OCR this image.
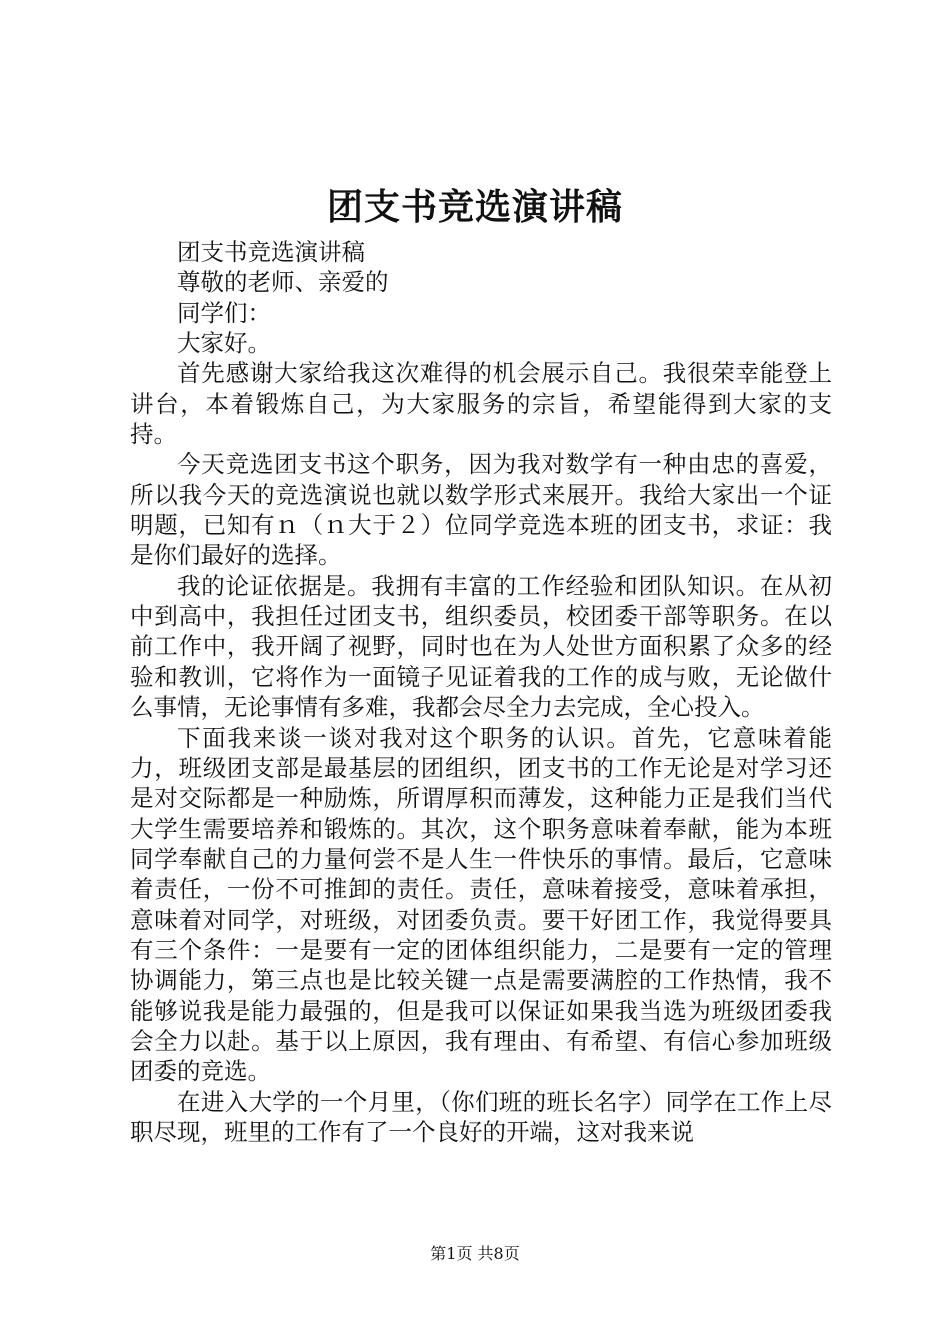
团支书竞选演讲稿

团支书竞选演讲稿

尊敬的老师、亲爱的

同学们：

大家好。

首先感谢大家给我这次难得的机会展示自己。我很荣幸能登上讲台，本着锻炼自己，为大家服务的宗旨，希望能得到大家的支持。

今天竞选团支书这个职务，因为我对数学有一种由忠的喜爱，所以我今天的竞选演说也就以数学形式来展开。我给大家出一个证明题，已知有ｎ（ｎ大于２）位同学竞选本班的团支书，求证：我是你们最好的选择。

我的论证依据是。我拥有丰富的工作经验和团队知识。在从初中到高中，我担任过团支书，组织委员，校团委干部等职务。在以前工作中，我开阔了视野，同时也在为人处世方面积累了众多的经验和教训，它将作为一面镜子见证着我的工作的成与败，无论做什么事情，无论事情有多难，我都会尽全力去完成，全心投入。

下面我来谈一谈对我对这个职务的认识。首先，它意味着能力，班级团支部是最基层的团组织，团支书的工作无论是对学习还是对交际都是一种励炼，所谓厚积而薄发，这种能力正是我们当代大学生需要培养和锻炼的。其次，这个职务意味着奉献，能为本班同学奉献自己的力量何尝不是人生一件快乐的事情。最后，它意味着责任，一份不可推卸的责任。责任，意味着接受，意味着承担，意味着对同学，对班级，对团委负责。要干好团工作，我觉得要具有三个条件：一是要有一定的团体组织能力，二是要有一定的管理协调能力，第三点也是比较关键一点是需要满腔的工作热情，我不能够说我是能力最强的，但是我可以保证如果我当选为班级团委我会全力以赴。基于以上原因，我有理由、有希望、有信心参加班级团委的竞选。

在进入大学的一个月里，（你们班的班长名字）同学在工作上尽职尽现，班里的工作有了一个良好的开端，这对我来说

第1页 共8页
